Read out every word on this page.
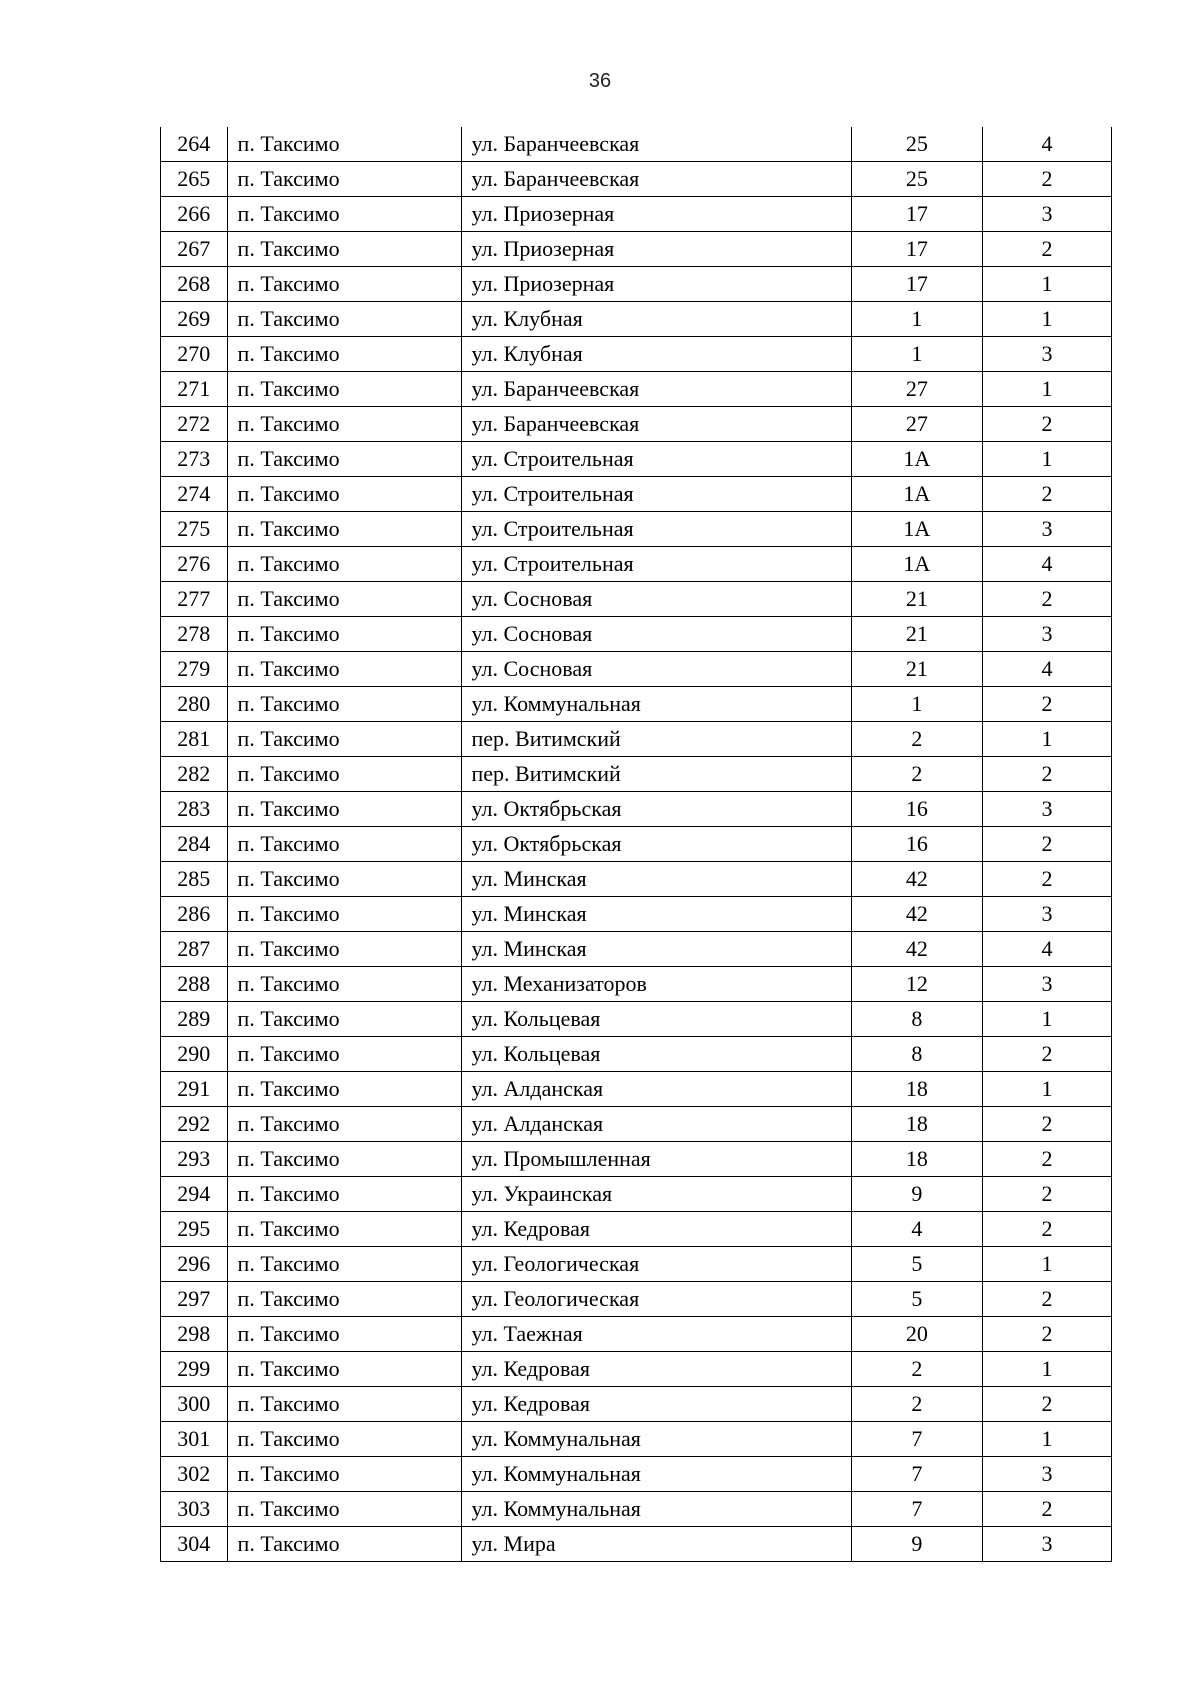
36
264	п. Таксимо	ул. Баранчеевская	25	4
265	п. Таксимо	ул. Баранчеевская	25	2
266	п. Таксимо	ул. Приозерная	17	3
267	п. Таксимо	ул. Приозерная	17	2
268	п. Таксимо	ул. Приозерная	17	1
269	п. Таксимо	ул. Клубная	1	1
270	п. Таксимо	ул. Клубная	1	3
271	п. Таксимо	ул. Баранчеевская	27	1
272	п. Таксимо	ул. Баранчеевская	27	2
273	п. Таксимо	ул. Строительная	1А	1
274	п. Таксимо	ул. Строительная	1А	2
275	п. Таксимо	ул. Строительная	1А	3
276	п. Таксимо	ул. Строительная	1А	4
277	п. Таксимо	ул. Сосновая	21	2
278	п. Таксимо	ул. Сосновая	21	3
279	п. Таксимо	ул. Сосновая	21	4
280	п. Таксимо	ул. Коммунальная	1	2
281	п. Таксимо	пер. Витимский	2	1
282	п. Таксимо	пер. Витимский	2	2
283	п. Таксимо	ул. Октябрьская	16	3
284	п. Таксимо	ул. Октябрьская	16	2
285	п. Таксимо	ул. Минская	42	2
286	п. Таксимо	ул. Минская	42	3
287	п. Таксимо	ул. Минская	42	4
288	п. Таксимо	ул. Механизаторов	12	3
289	п. Таксимо	ул. Кольцевая	8	1
290	п. Таксимо	ул. Кольцевая	8	2
291	п. Таксимо	ул. Алданская	18	1
292	п. Таксимо	ул. Алданская	18	2
293	п. Таксимо	ул. Промышленная	18	2
294	п. Таксимо	ул. Украинская	9	2
295	п. Таксимо	ул. Кедровая	4	2
296	п. Таксимо	ул. Геологическая	5	1
297	п. Таксимо	ул. Геологическая	5	2
298	п. Таксимо	ул. Таежная	20	2
299	п. Таксимо	ул. Кедровая	2	1
300	п. Таксимо	ул. Кедровая	2	2
301	п. Таксимо	ул. Коммунальная	7	1
302	п. Таксимо	ул. Коммунальная	7	3
303	п. Таксимо	ул. Коммунальная	7	2
304	п. Таксимо	ул. Мира	9	3
